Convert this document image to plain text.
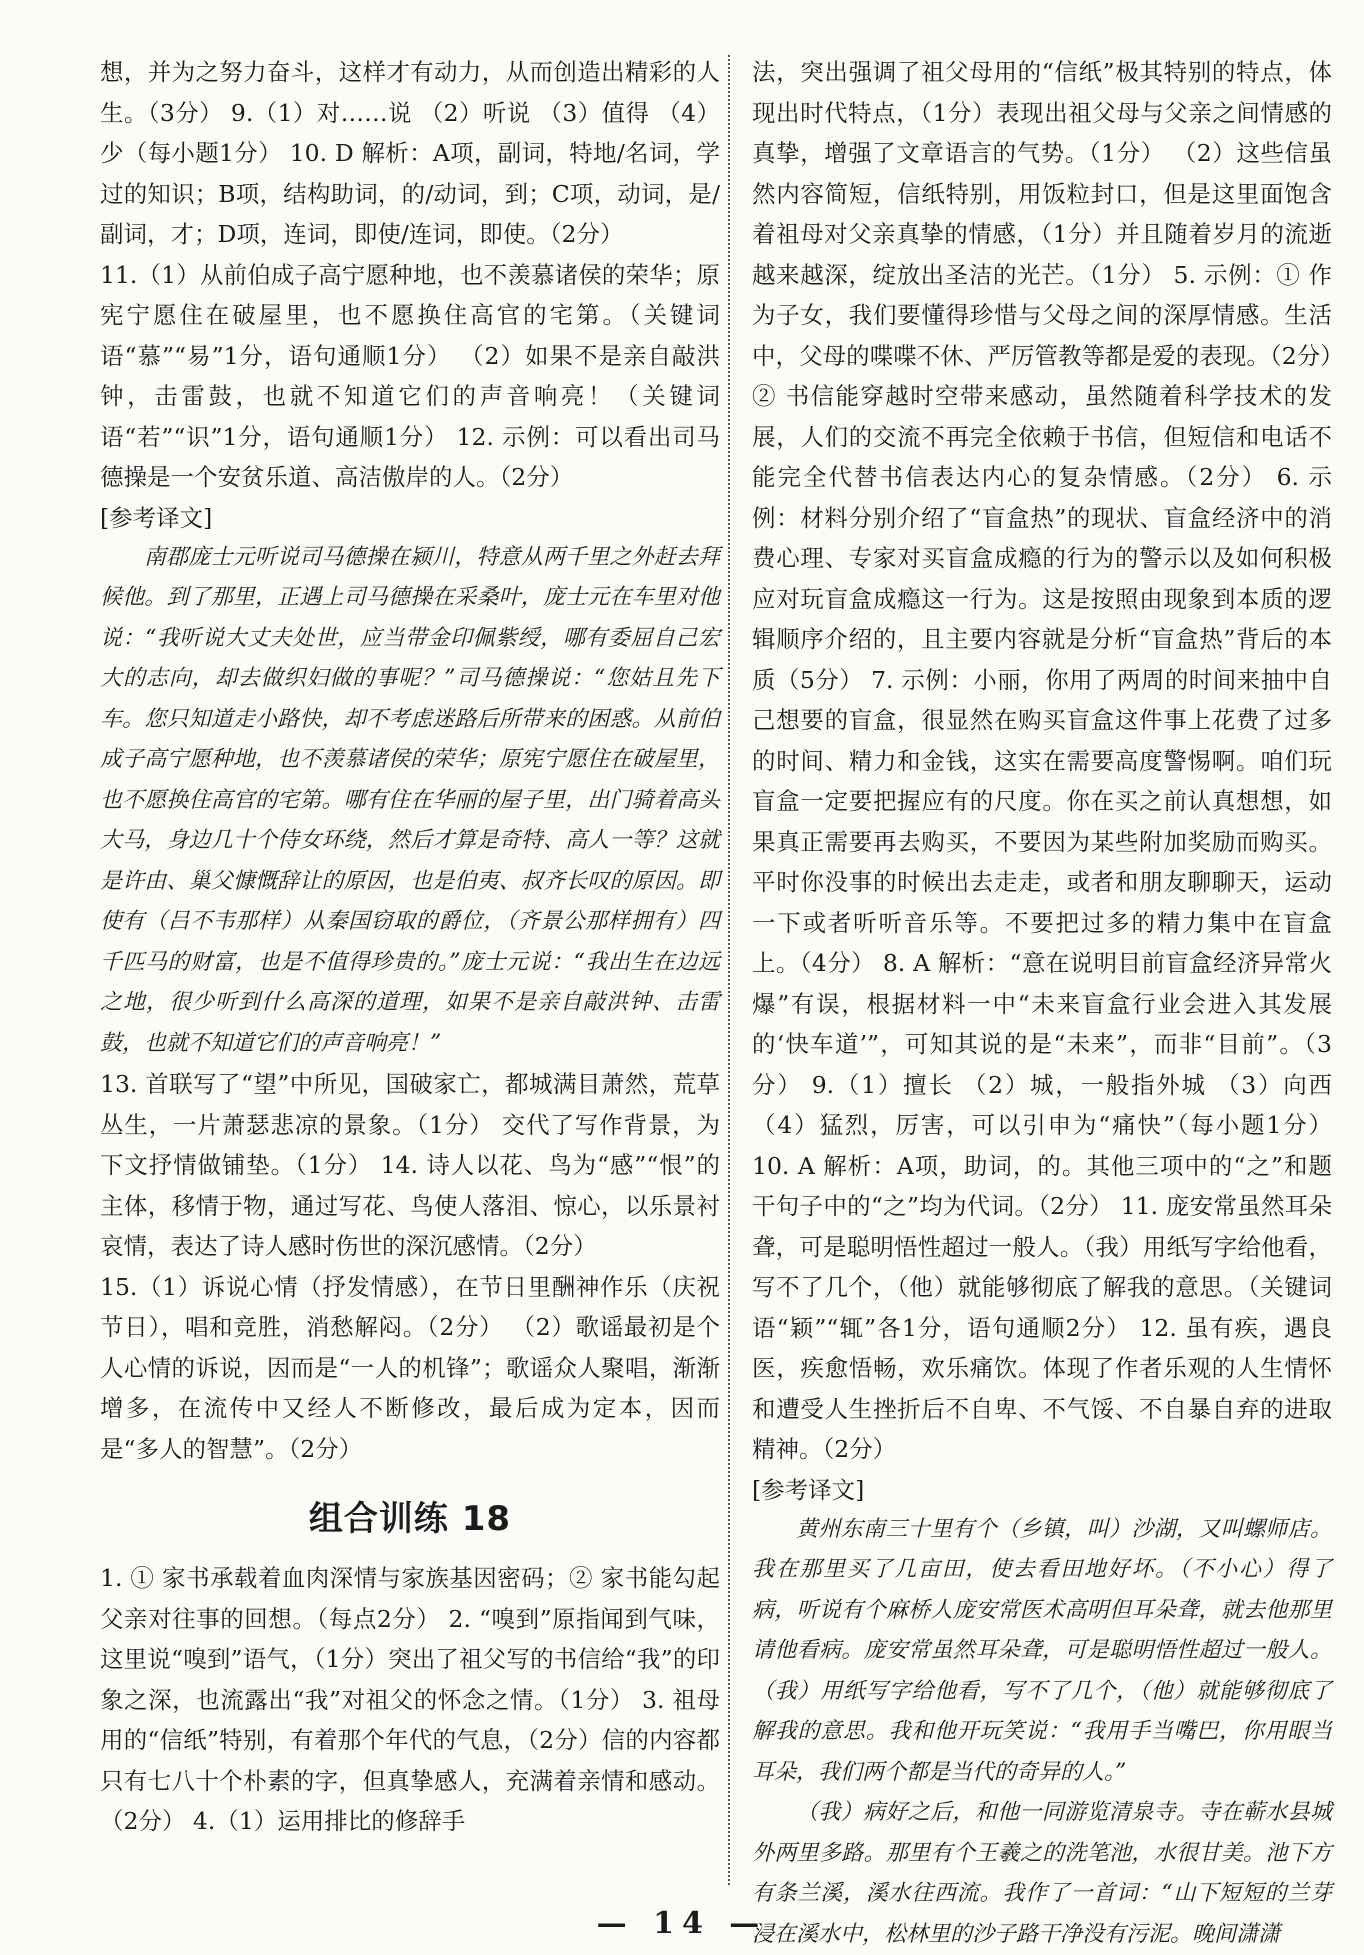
想，并为之努力奋斗，这样才有动力，从而创造出精彩的人生。（3分） 9.（1）对……说 （2）听说 （3）值得 （4）少（每小题1分） 10. D 解析：A项，副词，特地/名词，学过的知识；B项，结构助词，的/动词，到；C项，动词，是/副词，才；D项，连词，即使/连词，即使。（2分）

11.（1）从前伯成子高宁愿种地，也不羡慕诸侯的荣华；原宪宁愿住在破屋里，也不愿换住高官的宅第。（关键词语“慕”“易”1分，语句通顺1分） （2）如果不是亲自敲洪钟，击雷鼓，也就不知道它们的声音响亮！（关键词语“若”“识”1分，语句通顺1分） 12. 示例：可以看出司马德操是一个安贫乐道、高洁傲岸的人。（2分）

[参考译文]

南郡庞士元听说司马德操在颍川，特意从两千里之外赶去拜候他。到了那里，正遇上司马德操在采桑叶，庞士元在车里对他说：“我听说大丈夫处世，应当带金印佩紫绶，哪有委屈自己宏大的志向，却去做织妇做的事呢？”司马德操说：“您姑且先下车。您只知道走小路快，却不考虑迷路后所带来的困惑。从前伯成子高宁愿种地，也不羡慕诸侯的荣华；原宪宁愿住在破屋里，也不愿换住高官的宅第。哪有住在华丽的屋子里，出门骑着高头大马，身边几十个侍女环绕，然后才算是奇特、高人一等？这就是许由、巢父慷慨辞让的原因，也是伯夷、叔齐长叹的原因。即使有（吕不韦那样）从秦国窃取的爵位，（齐景公那样拥有）四千匹马的财富，也是不值得珍贵的。”庞士元说：“我出生在边远之地，很少听到什么高深的道理，如果不是亲自敲洪钟、击雷鼓，也就不知道它们的声音响亮！”

13. 首联写了“望”中所见，国破家亡，都城满目萧然，荒草丛生，一片萧瑟悲凉的景象。（1分） 交代了写作背景，为下文抒情做铺垫。（1分） 14. 诗人以花、鸟为“感”“恨”的主体，移情于物，通过写花、鸟使人落泪、惊心，以乐景衬哀情，表达了诗人感时伤世的深沉感情。（2分）

15.（1）诉说心情（抒发情感），在节日里酬神作乐（庆祝节日），唱和竞胜，消愁解闷。（2分） （2）歌谣最初是个人心情的诉说，因而是“一人的机锋”；歌谣众人聚唱，渐渐增多，在流传中又经人不断修改，最后成为定本，因而是“多人的智慧”。（2分）

组合训练 18

1. ① 家书承载着血肉深情与家族基因密码；② 家书能勾起父亲对往事的回想。（每点2分） 2. “嗅到”原指闻到气味，这里说“嗅到”语气，（1分）突出了祖父写的书信给“我”的印象之深，也流露出“我”对祖父的怀念之情。（1分） 3. 祖母用的“信纸”特别，有着那个年代的气息，（2分）信的内容都只有七八十个朴素的字，但真挚感人，充满着亲情和感动。（2分） 4.（1）运用排比的修辞手

法，突出强调了祖父母用的“信纸”极其特别的特点，体现出时代特点，（1分）表现出祖父母与父亲之间情感的真挚，增强了文章语言的气势。（1分） （2）这些信虽然内容简短，信纸特别，用饭粒封口，但是这里面饱含着祖母对父亲真挚的情感，（1分）并且随着岁月的流逝越来越深，绽放出圣洁的光芒。（1分） 5. 示例：① 作为子女，我们要懂得珍惜与父母之间的深厚情感。生活中，父母的喋喋不休、严厉管教等都是爱的表现。（2分）② 书信能穿越时空带来感动，虽然随着科学技术的发展，人们的交流不再完全依赖于书信，但短信和电话不能完全代替书信表达内心的复杂情感。（2分） 6. 示例：材料分别介绍了“盲盒热”的现状、盲盒经济中的消费心理、专家对买盲盒成瘾的行为的警示以及如何积极应对玩盲盒成瘾这一行为。这是按照由现象到本质的逻辑顺序介绍的，且主要内容就是分析“盲盒热”背后的本质（5分） 7. 示例：小丽，你用了两周的时间来抽中自己想要的盲盒，很显然在购买盲盒这件事上花费了过多的时间、精力和金钱，这实在需要高度警惕啊。咱们玩盲盒一定要把握应有的尺度。你在买之前认真想想，如果真正需要再去购买，不要因为某些附加奖励而购买。平时你没事的时候出去走走，或者和朋友聊聊天，运动一下或者听听音乐等。不要把过多的精力集中在盲盒上。（4分） 8. A 解析：“意在说明目前盲盒经济异常火爆”有误，根据材料一中“未来盲盒行业会进入其发展的‘快车道’”，可知其说的是“未来”，而非“目前”。（3分） 9.（1）擅长 （2）城，一般指外城 （3）向西 （4）猛烈，厉害，可以引申为“痛快”（每小题1分） 10. A 解析：A项，助词，的。其他三项中的“之”和题干句子中的“之”均为代词。（2分） 11. 庞安常虽然耳朵聋，可是聪明悟性超过一般人。（我）用纸写字给他看，写不了几个，（他）就能够彻底了解我的意思。（关键词语“颖”“辄”各1分，语句通顺2分） 12. 虽有疾，遇良医，疾愈悟畅，欢乐痛饮。体现了作者乐观的人生情怀和遭受人生挫折后不自卑、不气馁、不自暴自弃的进取精神。（2分）

[参考译文]

黄州东南三十里有个（乡镇，叫）沙湖，又叫螺师店。我在那里买了几亩田，使去看田地好坏。（不小心）得了病，听说有个麻桥人庞安常医术高明但耳朵聋，就去他那里请他看病。庞安常虽然耳朵聋，可是聪明悟性超过一般人。（我）用纸写字给他看，写不了几个，（他）就能够彻底了解我的意思。我和他开玩笑说：“我用手当嘴巴，你用眼当耳朵，我们两个都是当代的奇异的人。”

（我）病好之后，和他一同游览清泉寺。寺在蕲水县城外两里多路。那里有个王羲之的洗笔池，水很甘美。池下方有条兰溪，溪水往西流。我作了一首词：“山下短短的兰芽浸在溪水中，松林里的沙子路干净没有污泥。晚间潇潇

— 14 —
